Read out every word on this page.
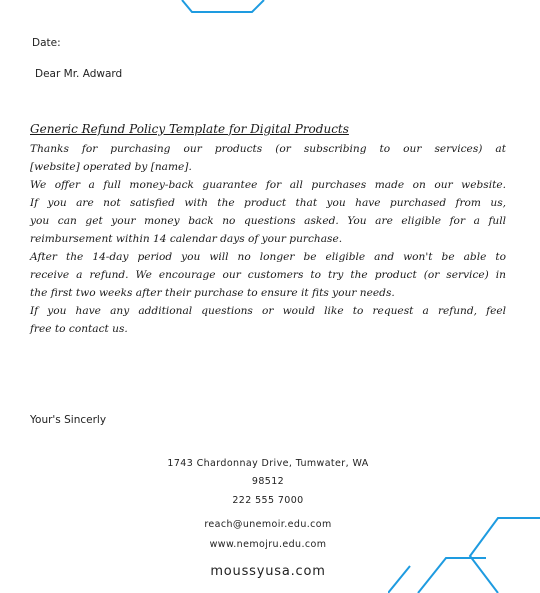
Date:
Dear Mr. Adward
Generic Refund Policy Template for Digital Products
Thanks for purchasing our products (or subscribing to our services) at
[website] operated by [name].
We offer a full money-back guarantee for all purchases made on our website.
If you are not satisfied with the product that you have purchased from us,
you can get your money back no questions asked. You are eligible for a full
reimbursement within 14 calendar days of your purchase.
After the 14-day period you will no longer be eligible and won't be able to
receive a refund. We encourage our customers to try the product (or service) in
the first two weeks after their purchase to ensure it fits your needs.
If you have any additional questions or would like to request a refund, feel
free to contact us.
Your's Sincerly
1743 Chardonnay Drive, Tumwater, WA
98512
222 555 7000
reach@unemoir.edu.com
www.nemojru.edu.com
moussyusa.com
